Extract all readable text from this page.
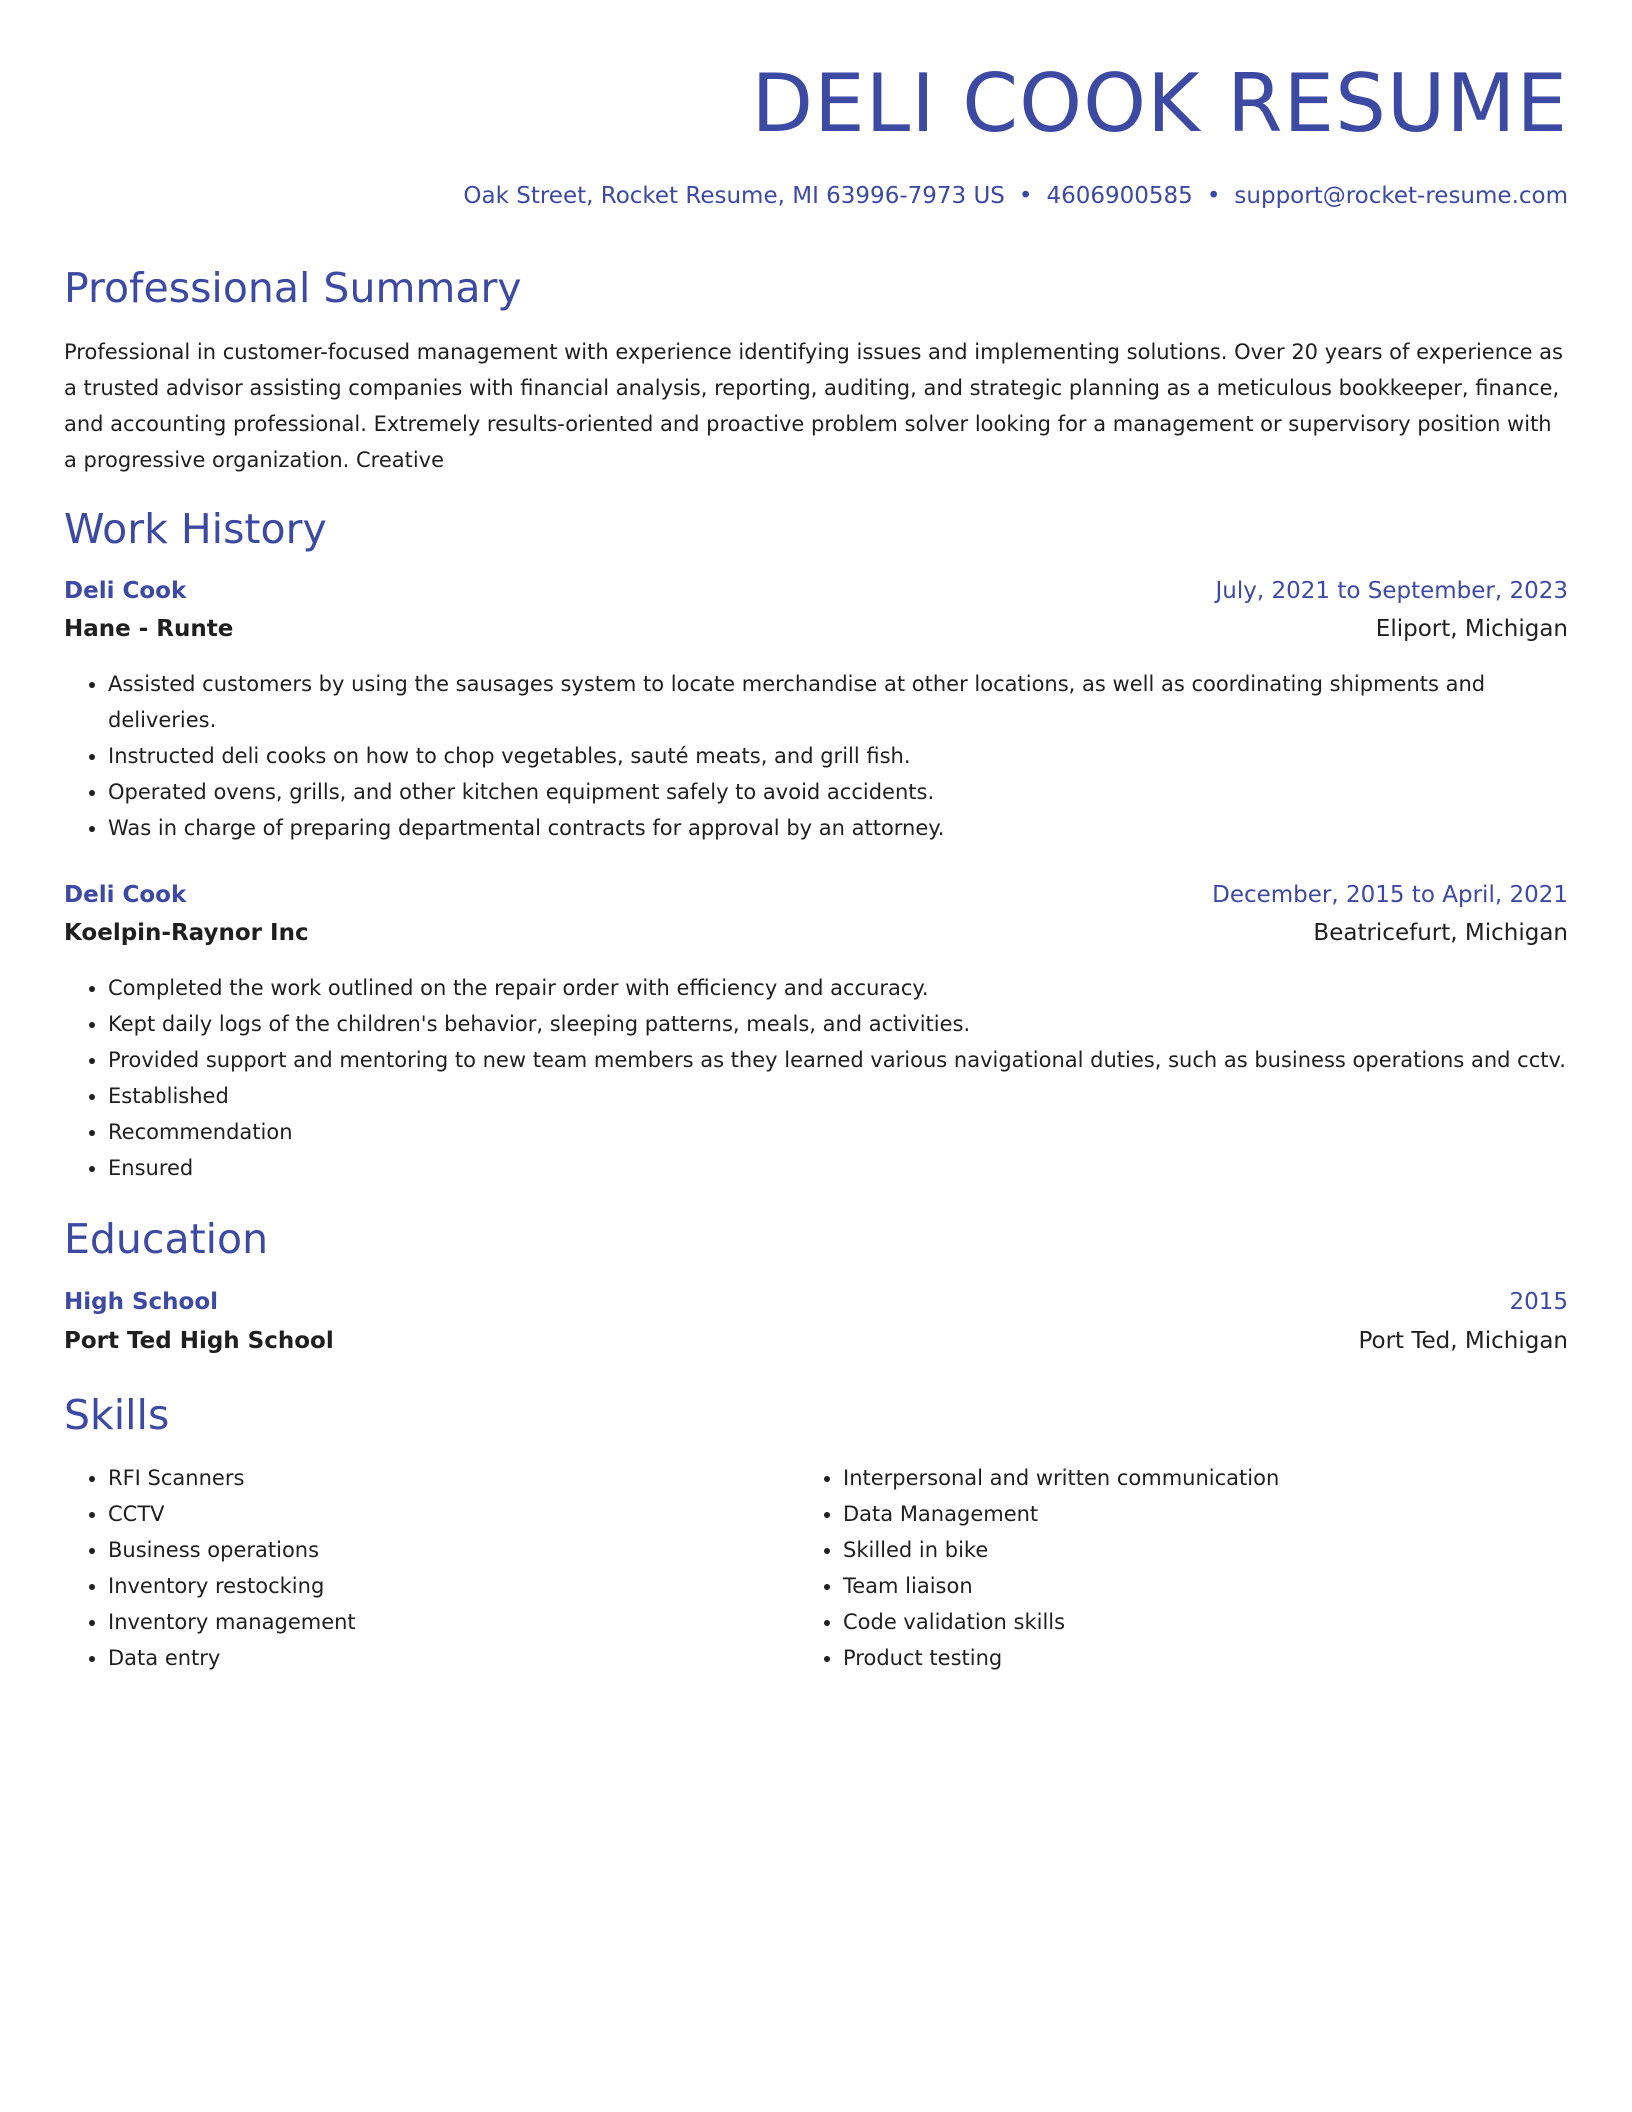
DELI COOK RESUME
Oak Street, Rocket Resume, MI 63996-7973 US • 4606900585 • support@rocket-resume.com
Professional Summary
Professional in customer-focused management with experience identifying issues and implementing solutions. Over 20 years of experience as a trusted advisor assisting companies with financial analysis, reporting, auditing, and strategic planning as a meticulous bookkeeper, finance, and accounting professional. Extremely results-oriented and proactive problem solver looking for a management or supervisory position with a progressive organization. Creative
Work History
Deli Cook	July, 2021 to September, 2023
Hane - Runte	Eliport, Michigan
• Assisted customers by using the sausages system to locate merchandise at other locations, as well as coordinating shipments and deliveries.
• Instructed deli cooks on how to chop vegetables, sauté meats, and grill fish.
• Operated ovens, grills, and other kitchen equipment safely to avoid accidents.
• Was in charge of preparing departmental contracts for approval by an attorney.
Deli Cook	December, 2015 to April, 2021
Koelpin-Raynor Inc	Beatricefurt, Michigan
• Completed the work outlined on the repair order with efficiency and accuracy.
• Kept daily logs of the children's behavior, sleeping patterns, meals, and activities.
• Provided support and mentoring to new team members as they learned various navigational duties, such as business operations and cctv.
• Established
• Recommendation
• Ensured
Education
High School	2015
Port Ted High School	Port Ted, Michigan
Skills
• RFI Scanners
• CCTV
• Business operations
• Inventory restocking
• Inventory management
• Data entry
• Interpersonal and written communication
• Data Management
• Skilled in bike
• Team liaison
• Code validation skills
• Product testing
